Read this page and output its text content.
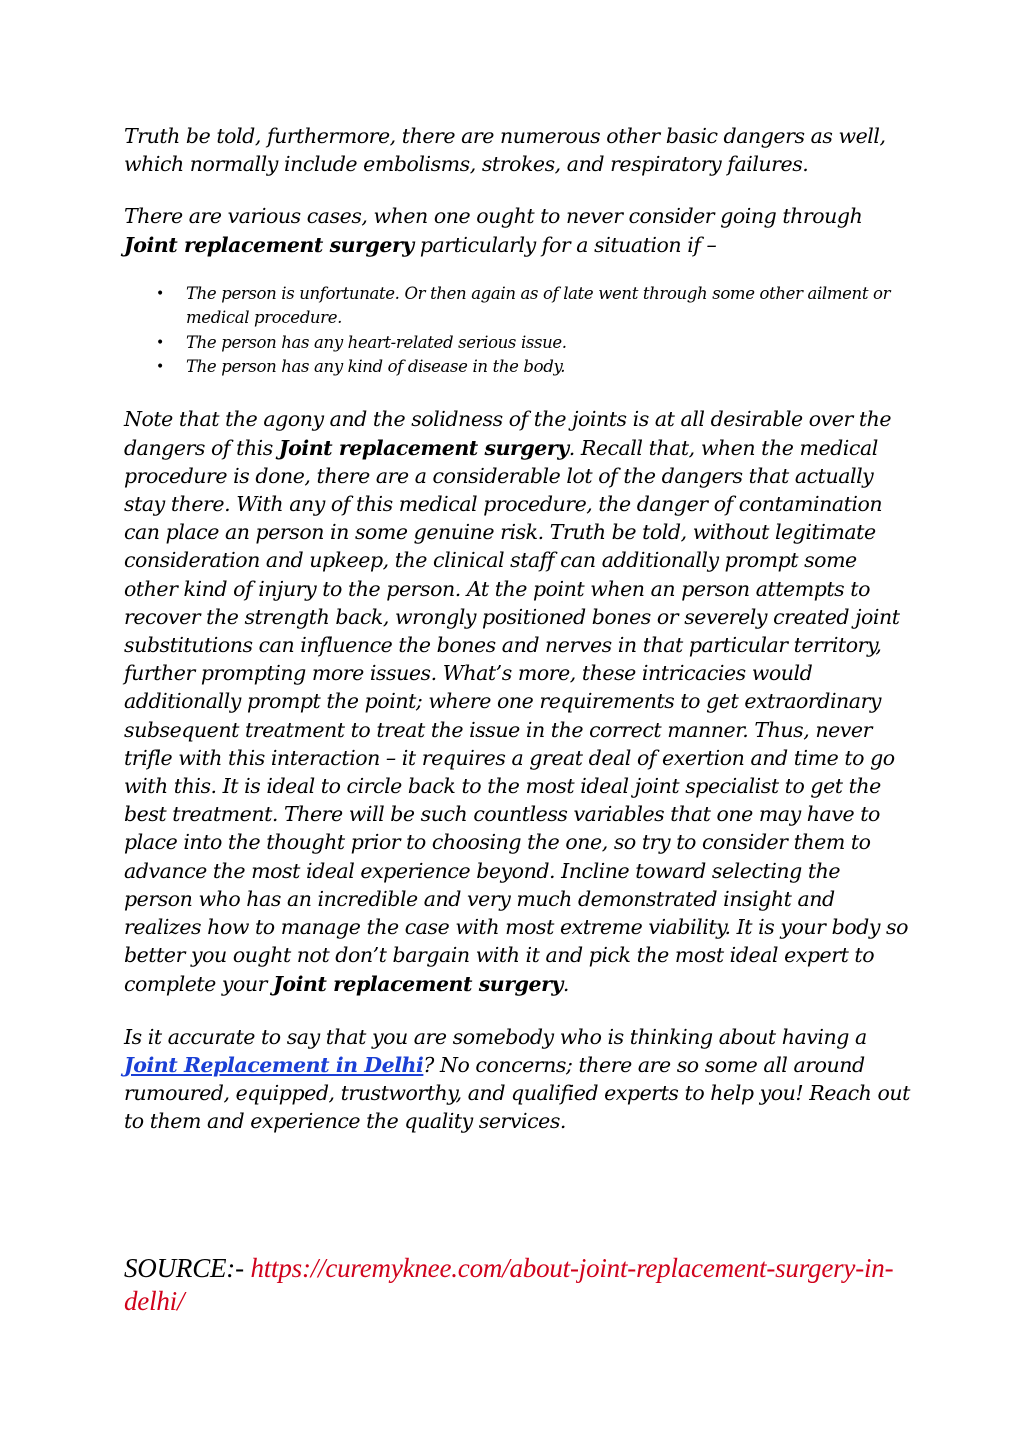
Truth be told, furthermore, there are numerous other basic dangers as well, which normally include embolisms, strokes, and respiratory failures.

There are various cases, when one ought to never consider going through Joint replacement surgery particularly for a situation if –

• The person is unfortunate. Or then again as of late went through some other ailment or medical procedure.
• The person has any heart-related serious issue.
• The person has any kind of disease in the body.

Note that the agony and the solidness of the joints is at all desirable over the dangers of this Joint replacement surgery. Recall that, when the medical procedure is done, there are a considerable lot of the dangers that actually stay there. With any of this medical procedure, the danger of contamination can place an person in some genuine risk. Truth be told, without legitimate consideration and upkeep, the clinical staff can additionally prompt some other kind of injury to the person. At the point when an person attempts to recover the strength back, wrongly positioned bones or severely created joint substitutions can influence the bones and nerves in that particular territory, further prompting more issues. What’s more, these intricacies would additionally prompt the point; where one requirements to get extraordinary subsequent treatment to treat the issue in the correct manner. Thus, never trifle with this interaction – it requires a great deal of exertion and time to go with this. It is ideal to circle back to the most ideal joint specialist to get the best treatment. There will be such countless variables that one may have to place into the thought prior to choosing the one, so try to consider them to advance the most ideal experience beyond. Incline toward selecting the person who has an incredible and very much demonstrated insight and realizes how to manage the case with most extreme viability. It is your body so better you ought not don’t bargain with it and pick the most ideal expert to complete your Joint replacement surgery.

Is it accurate to say that you are somebody who is thinking about having a Joint Replacement in Delhi? No concerns; there are so some all around rumoured, equipped, trustworthy, and qualified experts to help you! Reach out to them and experience the quality services.

SOURCE:- https://curemyknee.com/about-joint-replacement-surgery-in-delhi/
